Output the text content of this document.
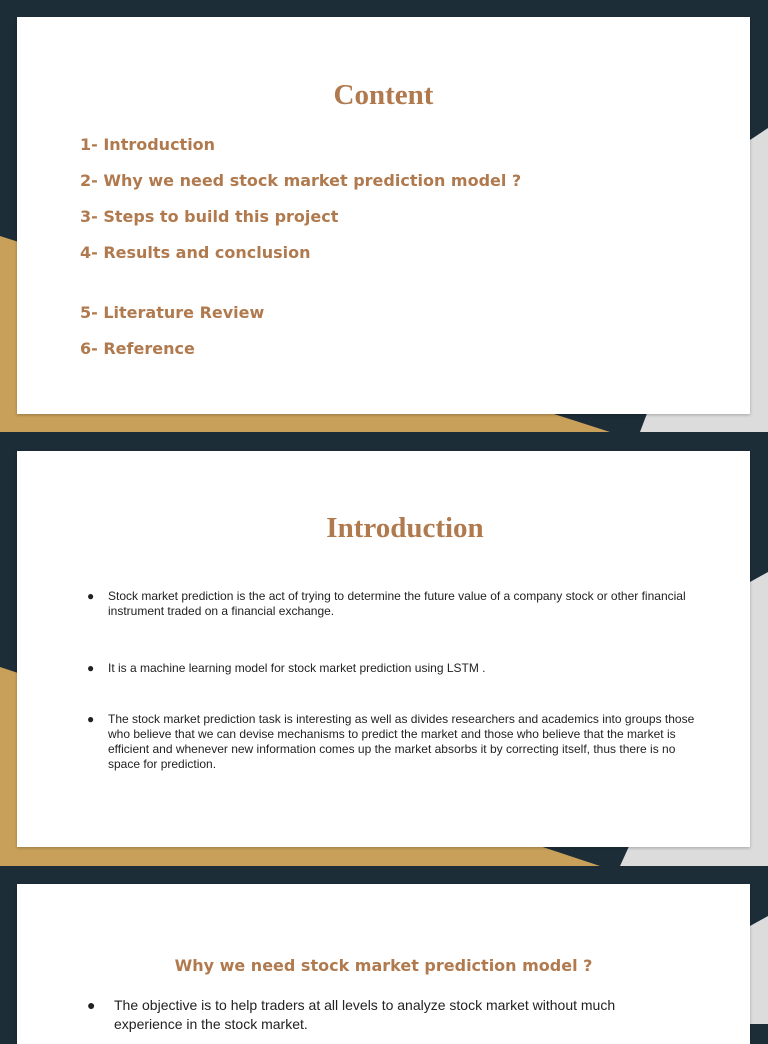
Content
1- Introduction
2- Why we need stock market prediction model ?
3- Steps to build this project
4- Results and conclusion
5- Literature Review
6- Reference
Introduction
● Stock market prediction is the act of trying to determine the future value of a company stock or other financial instrument traded on a financial exchange.
● It is a machine learning model for stock market prediction using LSTM .
● The stock market prediction task is interesting as well as divides researchers and academics into groups those who believe that we can devise mechanisms to predict the market and those who believe that the market is efficient and whenever new information comes up the market absorbs it by correcting itself, thus there is no space for prediction.
Why we need stock market prediction model ?
● The objective is to help traders at all levels to analyze stock market without much experience in the stock market.
